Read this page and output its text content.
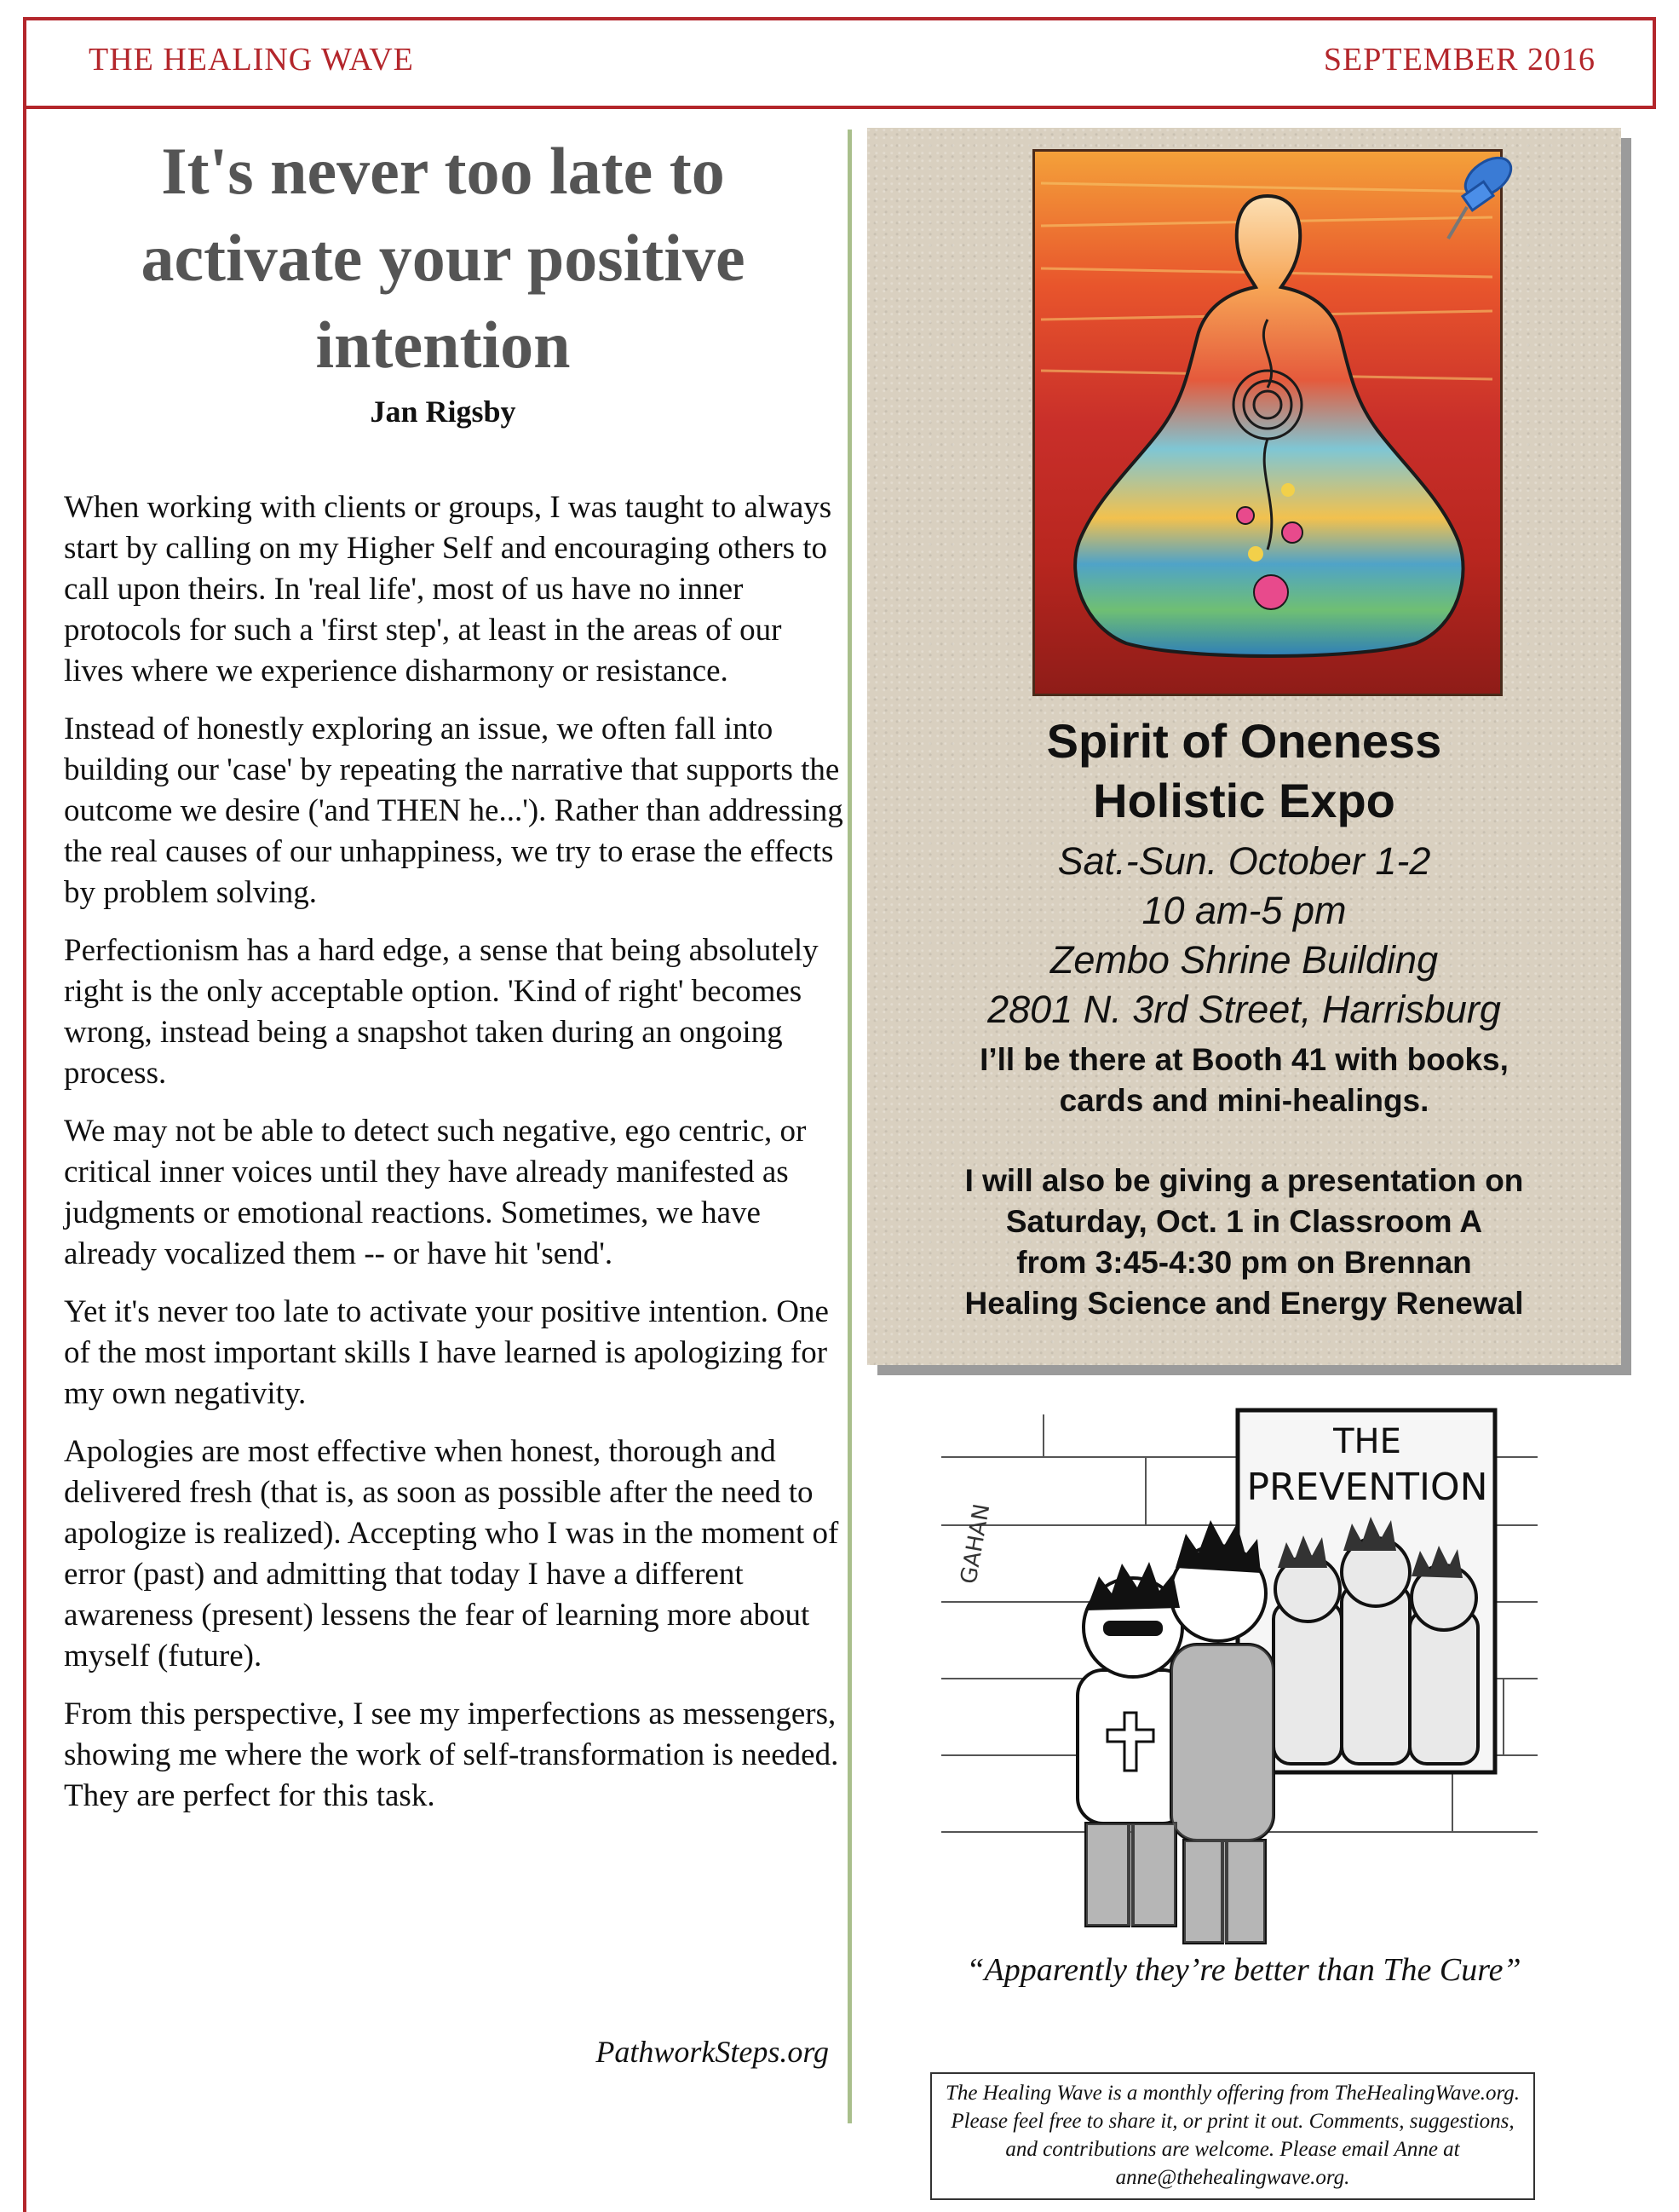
THE HEALING WAVE	SEPTEMBER 2016
It's never too late to activate your positive intention
Jan Rigsby

When working with clients or groups, I was taught to always start by calling on my Higher Self and encouraging others to call upon theirs. In 'real life', most of us have no inner protocols for such a 'first step', at least in the areas of our lives where we experience disharmony or resistance.

Instead of honestly exploring an issue, we often fall into building our 'case' by repeating the narrative that supports the outcome we desire ('and THEN he...'). Rather than addressing the real causes of our unhappiness, we try to erase the effects by problem solving.

Perfectionism has a hard edge, a sense that being absolutely right is the only acceptable option. 'Kind of right' becomes wrong, instead being a snapshot taken during an ongoing process.

We may not be able to detect such negative, ego centric, or critical inner voices until they have already manifested as judgments or emotional reactions. Sometimes, we have already vocalized them -- or have hit 'send'.

Yet it's never too late to activate your positive intention. One of the most important skills I have learned is apologizing for my own negativity.

Apologies are most effective when honest, thorough and delivered fresh (that is, as soon as possible after the need to apologize is realized). Accepting who I was in the moment of error (past) and admitting that today I have a different awareness (present) lessens the fear of learning more about myself (future).

From this perspective, I see my imperfections as messengers, showing me where the work of self-transformation is needed. They are perfect for this task.

PathworkSteps.org
Spirit of Oneness
Holistic Expo
Sat.-Sun. October 1-2
10 am-5 pm
Zembo Shrine Building
2801 N. 3rd Street, Harrisburg
I’ll be there at Booth 41 with books,
cards and mini-healings.
I will also be giving a presentation on
Saturday, Oct. 1 in Classroom A
from 3:45-4:30 pm on Brennan
Healing Science and Energy Renewal
THE
PREVENTION
GAHAN
“Apparently they’re better than The Cure”
The Healing Wave is a monthly offering from TheHealingWave.org. Please feel free to share it, or print it out. Comments, suggestions, and contributions are welcome. Please email Anne at anne@thehealingwave.org.
